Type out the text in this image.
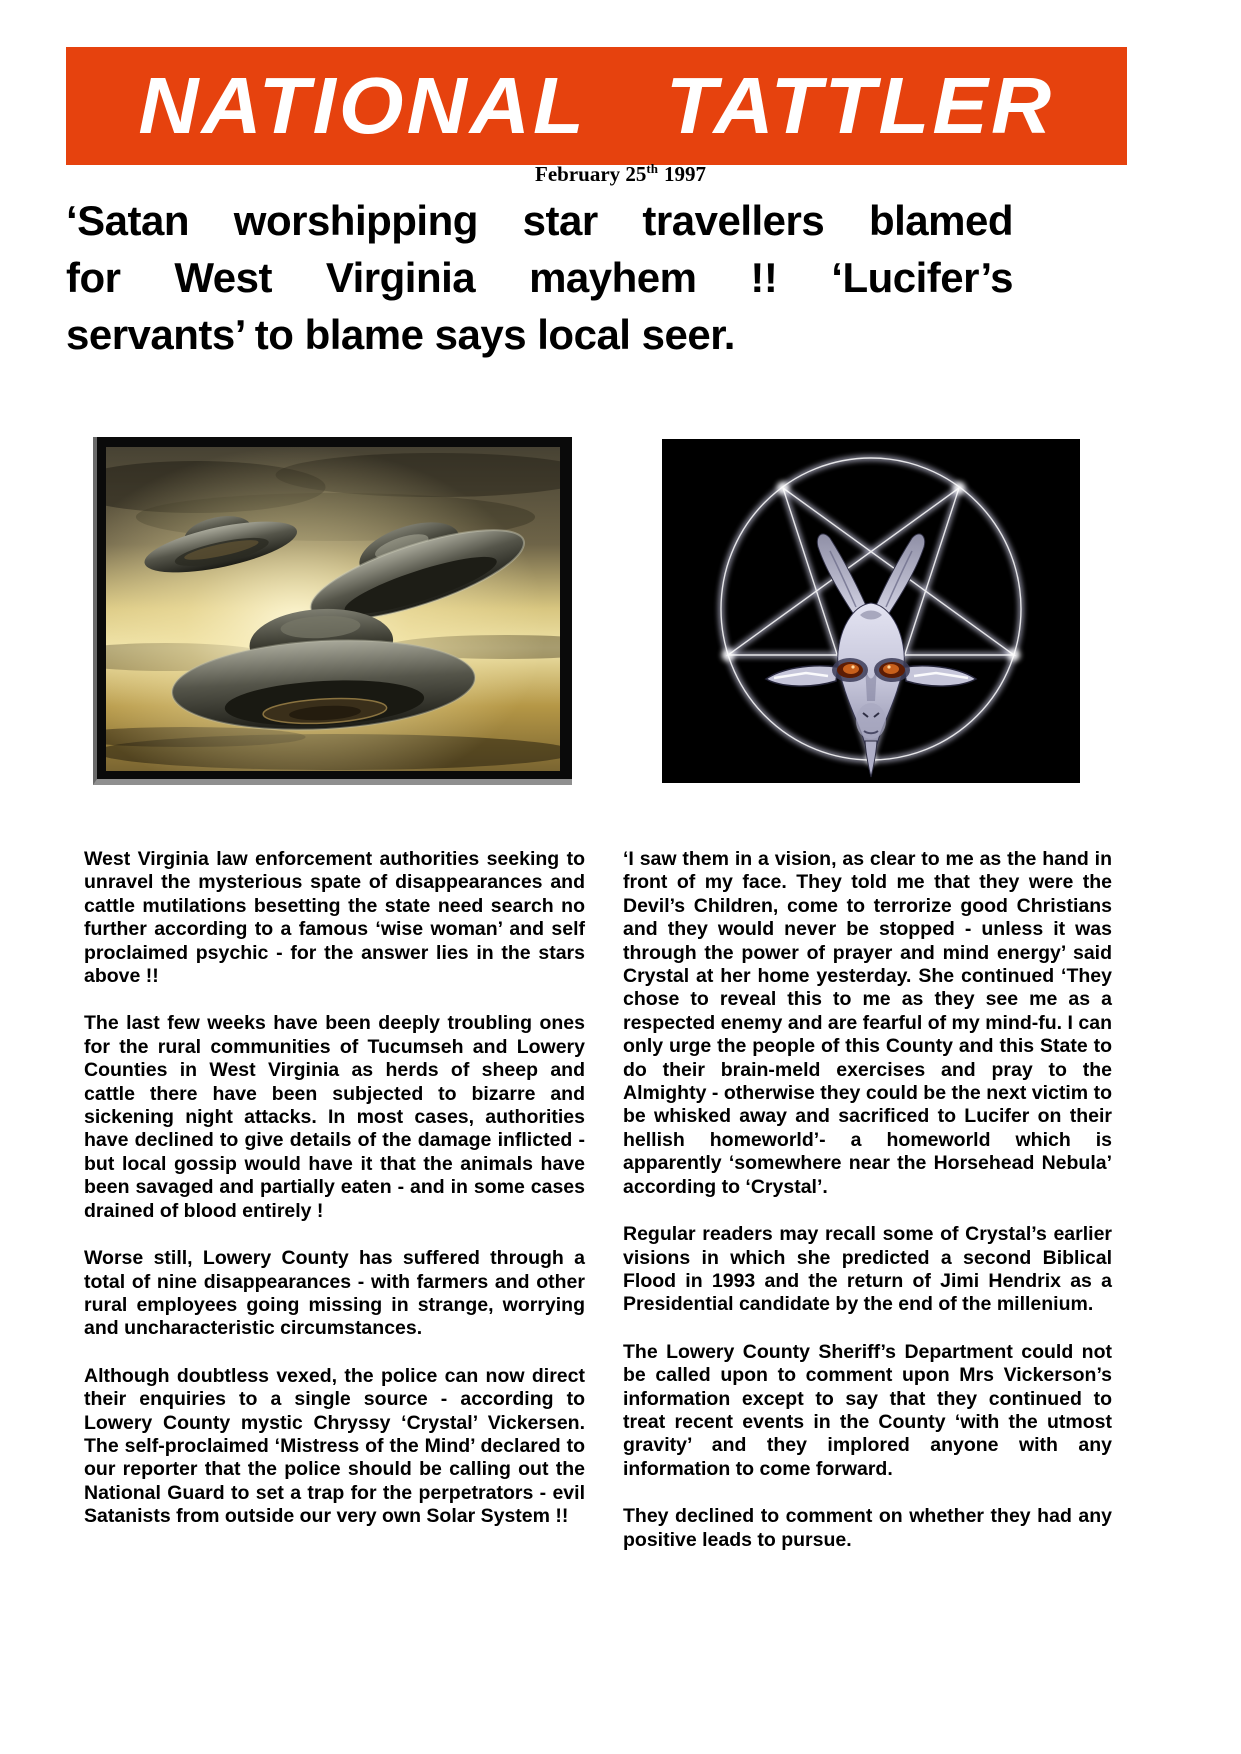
NATIONAL TATTLER
February 25th 1997
‘Satan worshipping star travellers blamed
for West Virginia mayhem !! ‘Lucifer’s
servants’ to blame says local seer.

West Virginia law enforcement authorities seeking to unravel the mysterious spate of disappearances and cattle mutilations besetting the state need search no further according to a famous ‘wise woman’ and self proclaimed psychic - for the answer lies in the stars above !!

The last few weeks have been deeply troubling ones for the rural communities of Tucumseh and Lowery Counties in West Virginia as herds of sheep and cattle there have been subjected to bizarre and sickening night attacks. In most cases, authorities have declined to give details of the damage inflicted - but local gossip would have it that the animals have been savaged and partially eaten - and in some cases drained of blood entirely !

Worse still, Lowery County has suffered through a total of nine disappearances - with farmers and other rural employees going missing in strange, worrying and uncharacteristic circumstances.

Although doubtless vexed, the police can now direct their enquiries to a single source - according to Lowery County mystic Chryssy ‘Crystal’ Vickersen. The self-proclaimed ‘Mistress of the Mind’ declared to our reporter that the police should be calling out the National Guard to set a trap for the perpetrators - evil Satanists from outside our very own Solar System !!

‘I saw them in a vision, as clear to me as the hand in front of my face. They told me that they were the Devil’s Children, come to terrorize good Christians and they would never be stopped - unless it was through the power of prayer and mind energy’ said Crystal at her home yesterday. She continued ‘They chose to reveal this to me as they see me as a respected enemy and are fearful of my mind-fu. I can only urge the people of this County and this State to do their brain-meld exercises and pray to the Almighty - otherwise they could be the next victim to be whisked away and sacrificed to Lucifer on their hellish homeworld’- a homeworld which is apparently ‘somewhere near the Horsehead Nebula’ according to ‘Crystal’.

Regular readers may recall some of Crystal’s earlier visions in which she predicted a second Biblical Flood in 1993 and the return of Jimi Hendrix as a Presidential candidate by the end of the millenium.

The Lowery County Sheriff’s Department could not be called upon to comment upon Mrs Vickerson’s information except to say that they continued to treat recent events in the County ‘with the utmost gravity’ and they implored anyone with any information to come forward.

They declined to comment on whether they had any positive leads to pursue.
